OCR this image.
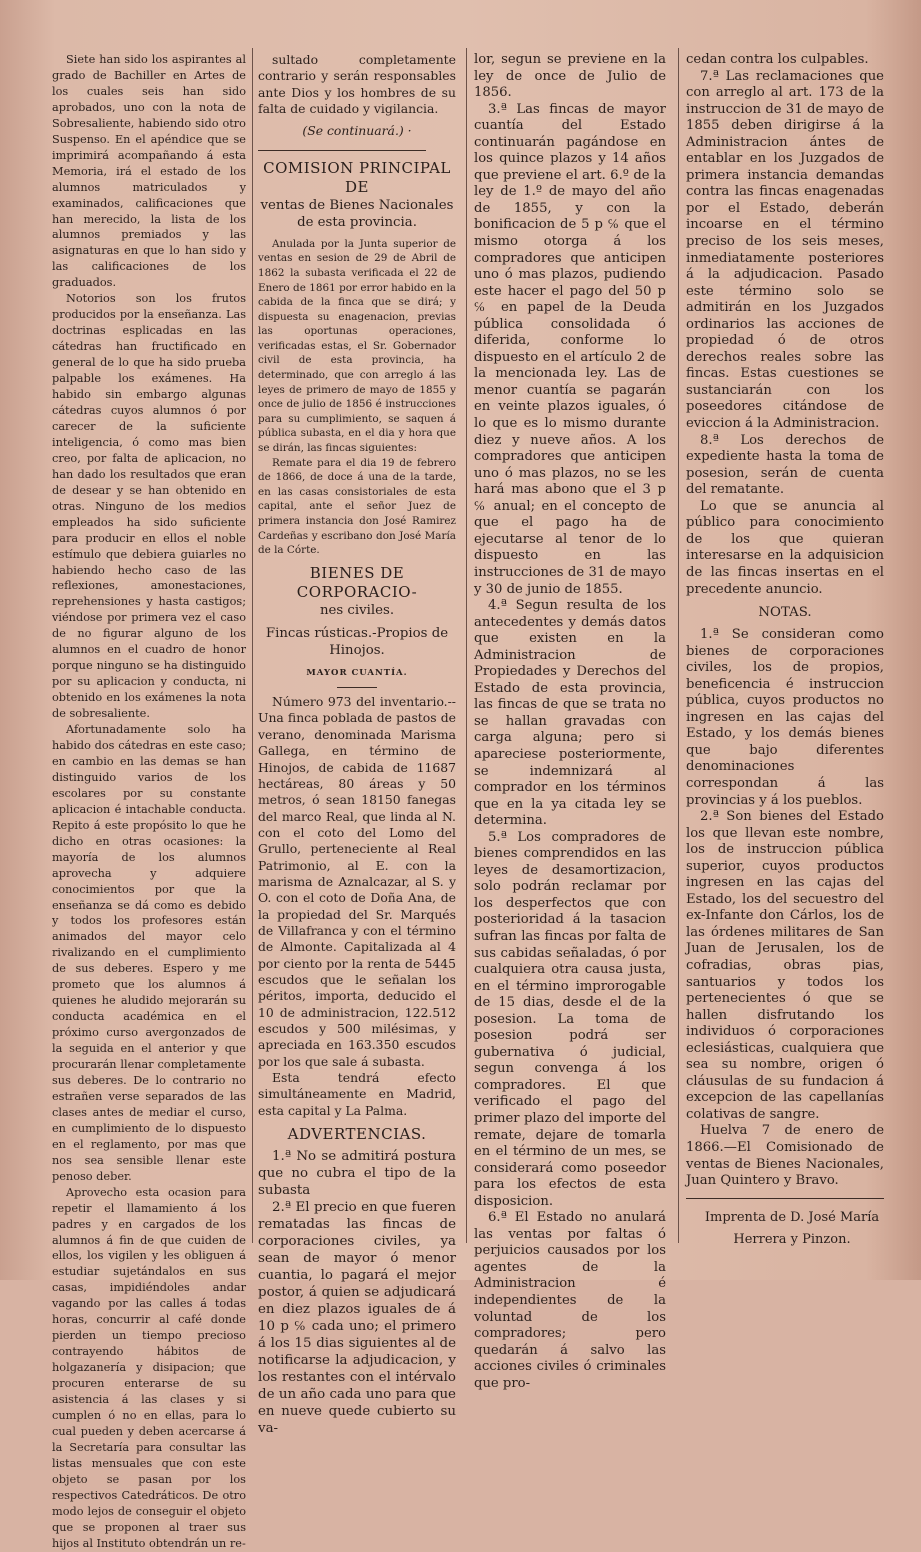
Siete han sido los aspirantes al grado de Bachiller en Artes de los cuales seis han sido aprobados, uno con la nota de Sobresaliente, habiendo sido otro Suspenso. En el apéndice que se imprimirá acompañando á esta Memoria, irá el estado de los alumnos matriculados y examinados, calificaciones que han merecido, la lista de los alumnos premiados y las asignaturas en que lo han sido y las calificaciones de los graduados.

Notorios son los frutos producidos por la enseñanza. Las doctrinas esplicadas en las cátedras han fructificado en general de lo que ha sido prueba palpable los exámenes. Ha habido sin embargo algunas cátedras cuyos alumnos ó por carecer de la suficiente inteligencia, ó como mas bien creo, por falta de aplicacion, no han dado los resultados que eran de desear y se han obtenido en otras. Ninguno de los medios empleados ha sido suficiente para producir en ellos el noble estímulo que debiera guiarles no habiendo hecho caso de las reflexiones, amonestaciones, reprehensiones y hasta castigos; viéndose por primera vez el caso de no figurar alguno de los alumnos en el cuadro de honor porque ninguno se ha distinguido por su aplicacion y conducta, ni obtenido en los exámenes la nota de sobresaliente.

Afortunadamente solo ha habido dos cátedras en este caso; en cambio en las demas se han distinguido varios de los escolares por su constante aplicacion é intachable conducta. Repito á este propósito lo que he dicho en otras ocasiones: la mayoría de los alumnos aprovecha y adquiere conocimientos por que la enseñanza se dá como es debido y todos los profesores están animados del mayor celo rivalizando en el cumplimiento de sus deberes. Espero y me prometo que los alumnos á quienes he aludido mejorarán su conducta académica en el próximo curso avergonzados de la seguida en el anterior y que procurarán llenar completamente sus deberes. De lo contrario no estrañen verse separados de las clases antes de mediar el curso, en cumplimiento de lo dispuesto en el reglamento, por mas que nos sea sensible llenar este penoso deber.

Aprovecho esta ocasion para repetir el llamamiento á los padres y en cargados de los alumnos á fin de que cuiden de ellos, los vigilen y les obliguen á estudiar sujetándalos en sus casas, impidiéndoles andar vagando por las calles á todas horas, concurrir al café donde pierden un tiempo precioso contrayendo hábitos de holgazanería y disipacion; que procuren enterarse de su asistencia á las clases y si cumplen ó no en ellas, para lo cual pueden y deben acercarse á la Secretaría para consultar las listas mensuales que con este objeto se pasan por los respectivos Catedráticos. De otro modo lejos de conseguir el objeto que se proponen al traer sus hijos al Instituto obtendrán un re-

sultado completamente contrario y serán responsables ante Dios y los hombres de su falta de cuidado y vigilancia.

(Se continuará.) ·

COMISION PRINCIPAL DE

ventas de Bienes Nacionales

de esta provincia.

Anulada por la Junta superior de ventas en sesion de 29 de Abril de 1862 la subasta verificada el 22 de Enero de 1861 por error habido en la cabida de la finca que se dirá; y dispuesta su enagenacion, previas las oportunas operaciones, verificadas estas, el Sr. Gobernador civil de esta provincia, ha determinado, que con arreglo á las leyes de primero de mayo de 1855 y once de julio de 1856 é instrucciones para su cumplimiento, se saquen á pública subasta, en el dia y hora que se dirán, las fincas siguientes:

Remate para el dia 19 de febrero de 1866, de doce á una de la tarde, en las casas consistoriales de esta capital, ante el señor Juez de primera instancia don José Ramirez Cardeñas y escribano don José María de la Córte.

BIENES DE CORPORACIO-

nes civiles.

Fincas rústicas.-Propios de Hinojos.

MAYOR CUANTÍA.

Número 973 del inventario.--Una finca poblada de pastos de verano, denominada Marisma Gallega, en término de Hinojos, de cabida de 11687 hectáreas, 80 áreas y 50 metros, ó sean 18150 fanegas del marco Real, que linda al N. con el coto del Lomo del Grullo, perteneciente al Real Patrimonio, al E. con la marisma de Aznalcazar, al S. y O. con el coto de Doña Ana, de la propiedad del Sr. Marqués de Villafranca y con el término de Almonte. Capitalizada al 4 por ciento por la renta de 5445 escudos que le señalan los péritos, importa, deducido el 10 de administracion, 122.512 escudos y 500 milésimas, y apreciada en 163.350 escudos por los que sale á subasta.

Esta tendrá efecto simultáneamente en Madrid, esta capital y La Palma.

ADVERTENCIAS.

1.ª No se admitirá postura que no cubra el tipo de la subasta

2.ª El precio en que fueren rematadas las fincas de corporaciones civiles, ya sean de mayor ó menor cuantia, lo pagará el mejor postor, á quien se adjudicará en diez plazos iguales de á 10 p ℅ cada uno; el primero á los 15 dias siguientes al de notificarse la adjudicacion, y los restantes con el intérvalo de un año cada uno para que en nueve quede cubierto su va-

lor, segun se previene en la ley de once de Julio de 1856.

3.ª Las fincas de mayor cuantía del Estado continuarán pagándose en los quince plazos y 14 años que previene el art. 6.º de la ley de 1.º de mayo del año de 1855, y con la bonificacion de 5 p ℅ que el mismo otorga á los compradores que anticipen uno ó mas plazos, pudiendo este hacer el pago del 50 p ℅ en papel de la Deuda pública consolidada ó diferida, conforme lo dispuesto en el artículo 2 de la mencionada ley. Las de menor cuantía se pagarán en veinte plazos iguales, ó lo que es lo mismo durante diez y nueve años. A los compradores que anticipen uno ó mas plazos, no se les hará mas abono que el 3 p ℅ anual; en el concepto de que el pago ha de ejecutarse al tenor de lo dispuesto en las instrucciones de 31 de mayo y 30 de junio de 1855.

4.ª Segun resulta de los antecedentes y demás datos que existen en la Administracion de Propiedades y Derechos del Estado de esta provincia, las fincas de que se trata no se hallan gravadas con carga alguna; pero si apareciese posteriormente, se indemnizará al comprador en los términos que en la ya citada ley se determina.

5.ª Los compradores de bienes comprendidos en las leyes de desamortizacion, solo podrán reclamar por los desperfectos que con posterioridad á la tasacion sufran las fincas por falta de sus cabidas señaladas, ó por cualquiera otra causa justa, en el término improrogable de 15 dias, desde el de la posesion. La toma de posesion podrá ser gubernativa ó judicial, segun convenga á los compradores. El que verificado el pago del primer plazo del importe del remate, dejare de tomarla en el término de un mes, se considerará como poseedor para los efectos de esta disposicion.

6.ª El Estado no anulará las ventas por faltas ó perjuicios causados por los agentes de la Administracion é independientes de la voluntad de los compradores; pero quedarán á salvo las acciones civiles ó criminales que pro-

cedan contra los culpables.

7.ª Las reclamaciones que con arreglo al art. 173 de la instruccion de 31 de mayo de 1855 deben dirigirse á la Administracion ántes de entablar en los Juzgados de primera instancia demandas contra las fincas enagenadas por el Estado, deberán incoarse en el término preciso de los seis meses, inmediatamente posteriores á la adjudicacion. Pasado este término solo se admitirán en los Juzgados ordinarios las acciones de propiedad ó de otros derechos reales sobre las fincas. Estas cuestiones se sustanciarán con los poseedores citándose de eviccion á la Administracion.

8.ª Los derechos de expediente hasta la toma de posesion, serán de cuenta del rematante.

Lo que se anuncia al público para conocimiento de los que quieran interesarse en la adquisicion de las fincas insertas en el precedente anuncio.

NOTAS.

1.ª Se consideran como bienes de corporaciones civiles, los de propios, beneficencia é instruccion pública, cuyos productos no ingresen en las cajas del Estado, y los demás bienes que bajo diferentes denominaciones correspondan á las provincias y á los pueblos.

2.ª Son bienes del Estado los que llevan este nombre, los de instruccion pública superior, cuyos productos ingresen en las cajas del Estado, los del secuestro del ex-Infante don Cárlos, los de las órdenes militares de San Juan de Jerusalen, los de cofradias, obras pias, santuarios y todos los pertenecientes ó que se hallen disfrutando los individuos ó corporaciones eclesiásticas, cualquiera que sea su nombre, origen ó cláusulas de su fundacion á excepcion de las capellanías colativas de sangre.

Huelva 7 de enero de 1866.—El Comisionado de ventas de Bienes Nacionales, Juan Quintero y Bravo.

Imprenta de D. José María

Herrera y Pinzon.
